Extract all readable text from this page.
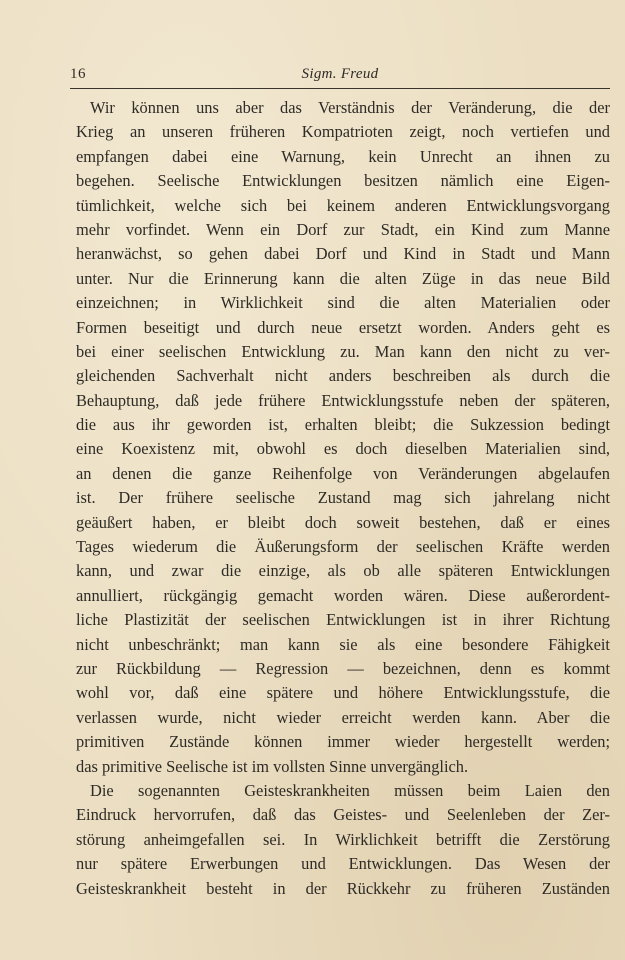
16	Sigm. Freud
Wir können uns aber das Verständnis der Veränderung, die der
Krieg an unseren früheren Kompatrioten zeigt, noch vertiefen und
empfangen dabei eine Warnung, kein Unrecht an ihnen zu
begehen. Seelische Entwicklungen besitzen nämlich eine Eigen-
tümlichkeit, welche sich bei keinem anderen Entwicklungsvorgang
mehr vorfindet. Wenn ein Dorf zur Stadt, ein Kind zum Manne
heranwächst, so gehen dabei Dorf und Kind in Stadt und Mann
unter. Nur die Erinnerung kann die alten Züge in das neue Bild
einzeichnen; in Wirklichkeit sind die alten Materialien oder
Formen beseitigt und durch neue ersetzt worden. Anders geht es
bei einer seelischen Entwicklung zu. Man kann den nicht zu ver-
gleichenden Sachverhalt nicht anders beschreiben als durch die
Behauptung, daß jede frühere Entwicklungsstufe neben der späteren,
die aus ihr geworden ist, erhalten bleibt; die Sukzession bedingt
eine Koexistenz mit, obwohl es doch dieselben Materialien sind,
an denen die ganze Reihenfolge von Veränderungen abgelaufen
ist. Der frühere seelische Zustand mag sich jahrelang nicht
geäußert haben, er bleibt doch soweit bestehen, daß er eines
Tages wiederum die Äußerungsform der seelischen Kräfte werden
kann, und zwar die einzige, als ob alle späteren Entwicklungen
annulliert, rückgängig gemacht worden wären. Diese außerordent-
liche Plastizität der seelischen Entwicklungen ist in ihrer Richtung
nicht unbeschränkt; man kann sie als eine besondere Fähigkeit
zur Rückbildung — Regression — bezeichnen, denn es kommt
wohl vor, daß eine spätere und höhere Entwicklungsstufe, die
verlassen wurde, nicht wieder erreicht werden kann. Aber die
primitiven Zustände können immer wieder hergestellt werden;
das primitive Seelische ist im vollsten Sinne unvergänglich.
Die sogenannten Geisteskrankheiten müssen beim Laien den
Eindruck hervorrufen, daß das Geistes- und Seelenleben der Zer-
störung anheimgefallen sei. In Wirklichkeit betrifft die Zerstörung
nur spätere Erwerbungen und Entwicklungen. Das Wesen der
Geisteskrankheit besteht in der Rückkehr zu früheren Zuständen
